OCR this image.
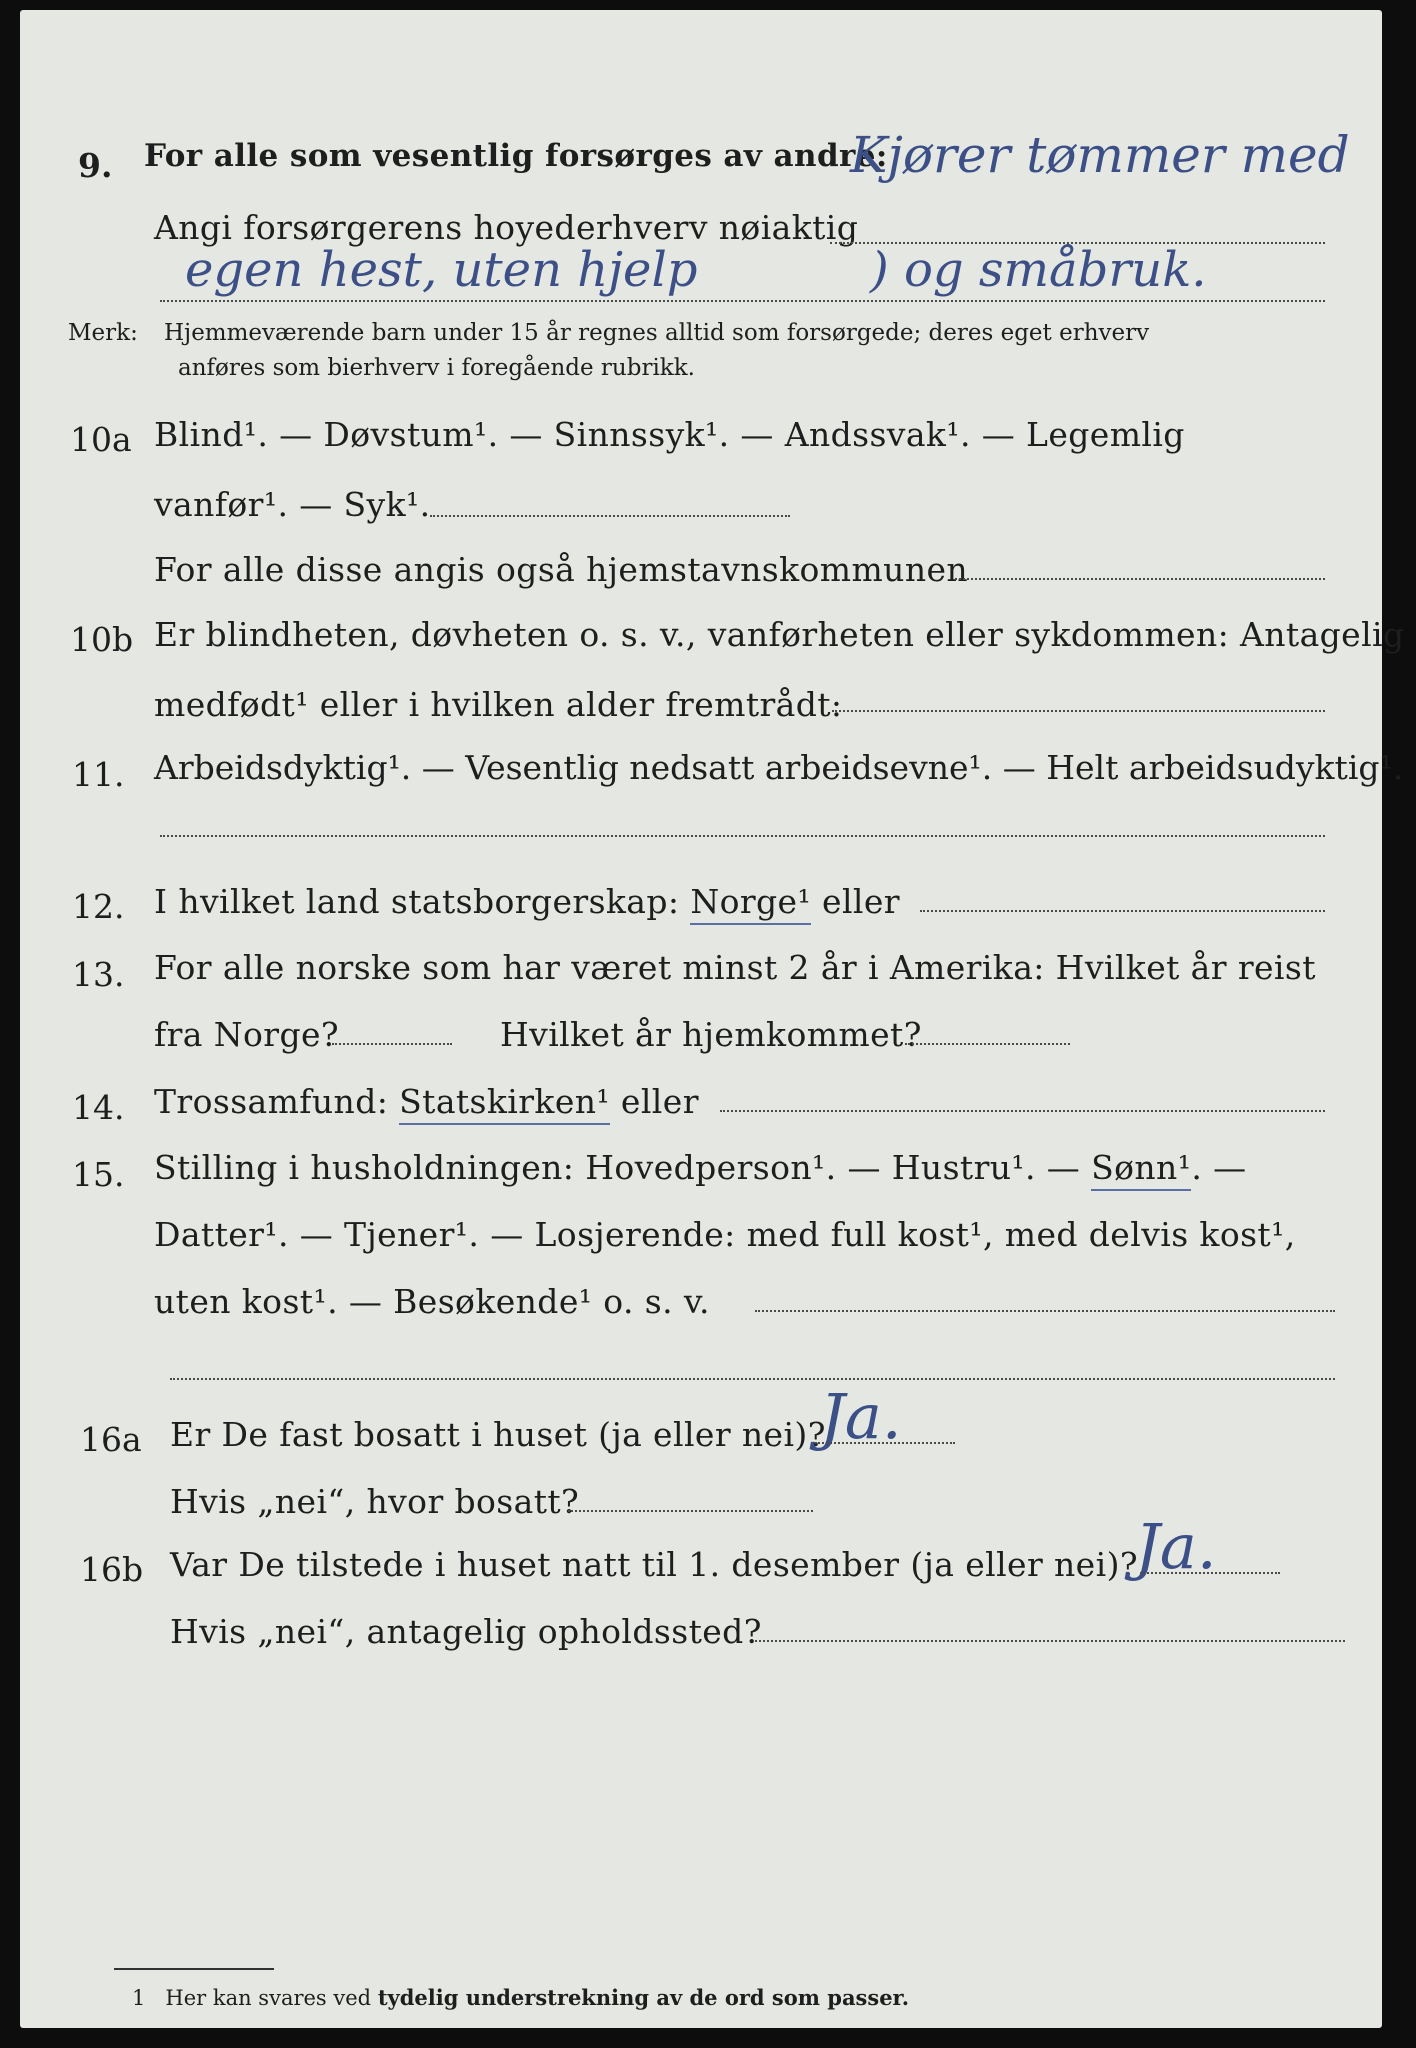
9. For alle som vesentlig forsørges av andre:
Kjører tømmer med
Angi forsørgerens hoyederhverv nøiaktig
egen hest, uten hjelp	) og småbruk.
Merk: Hjemmeværende barn under 15 år regnes alltid som forsørgede; deres eget erhverv
anføres som bierhverv i foregående rubrikk.
10a Blind¹. — Døvstum¹. — Sinnssyk¹. — Andssvak¹. — Legemlig
vanfør¹. — Syk¹.
For alle disse angis også hjemstavnskommunen
10b Er blindheten, døvheten o. s. v., vanførheten eller sykdommen: Antagelig
medfødt¹ eller i hvilken alder fremtrådt:
11. Arbeidsdyktig¹. — Vesentlig nedsatt arbeidsevne¹. — Helt arbeidsudyktig¹.
12. I hvilket land statsborgerskap: Norge¹ eller
13. For alle norske som har været minst 2 år i Amerika: Hvilket år reist
fra Norge?	Hvilket år hjemkommet?
14. Trossamfund: Statskirken¹ eller
15. Stilling i husholdningen: Hovedperson¹. — Hustru¹. — Sønn¹. —
Datter¹. — Tjener¹. — Losjerende: med full kost¹, med delvis kost¹,
uten kost¹. — Besøkende¹ o. s. v.
16a Er De fast bosatt i huset (ja eller nei)?
Ja.
Hvis „nei“, hvor bosatt?
16b Var De tilstede i huset natt til 1. desember (ja eller nei)?
Ja.
Hvis „nei“, antagelig opholdssted?
1 Her kan svares ved tydelig understrekning av de ord som passer.
